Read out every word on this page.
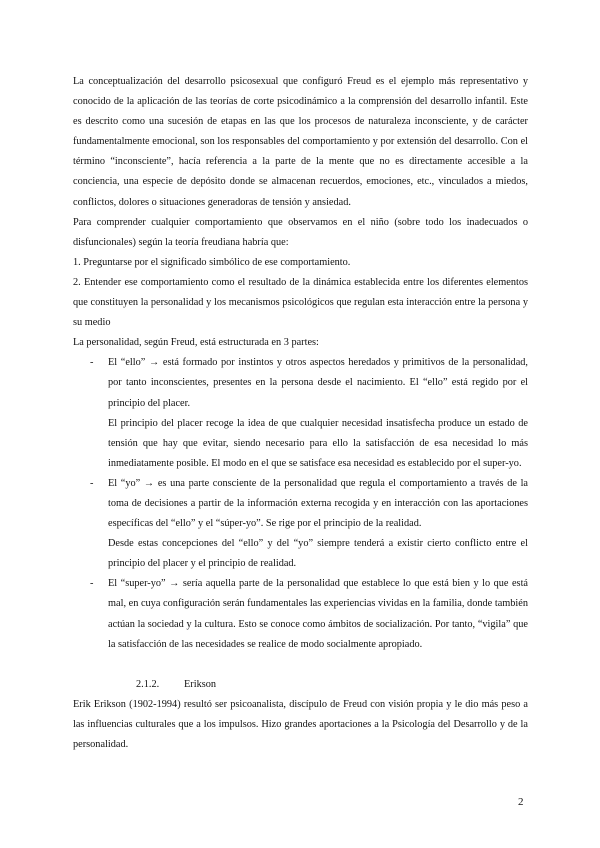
La conceptualización del desarrollo psicosexual que configuró Freud es el ejemplo más representativo y conocido de la aplicación de las teorías de corte psicodinámico a la comprensión del desarrollo infantil. Este es descrito como una sucesión de etapas en las que los procesos de naturaleza inconsciente, y de carácter fundamentalmente emocional, son los responsables del comportamiento y por extensión del desarrollo. Con el término “inconsciente”, hacía referencia a la parte de la mente que no es directamente accesible a la conciencia, una especie de depósito donde se almacenan recuerdos, emociones, etc., vinculados a miedos, conflictos, dolores o situaciones generadoras de tensión y ansiedad.

Para comprender cualquier comportamiento que observamos en el niño (sobre todo los inadecuados o disfuncionales) según la teoría freudiana habría que:

1. Preguntarse por el significado simbólico de ese comportamiento.

2. Entender ese comportamiento como el resultado de la dinámica establecida entre los diferentes elementos que constituyen la personalidad y los mecanismos psicológicos que regulan esta interacción entre la persona y su medio

La personalidad, según Freud, está estructurada en 3 partes:

- El “ello” → está formado por instintos y otros aspectos heredados y primitivos de la personalidad, por tanto inconscientes, presentes en la persona desde el nacimiento. El “ello” está regido por el principio del placer.

El principio del placer recoge la idea de que cualquier necesidad insatisfecha produce un estado de tensión que hay que evitar, siendo necesario para ello la satisfacción de esa necesidad lo más inmediatamente posible. El modo en el que se satisface esa necesidad es establecido por el super-yo.

- El “yo” → es una parte consciente de la personalidad que regula el comportamiento a través de la toma de decisiones a partir de la información externa recogida y en interacción con las aportaciones específicas del “ello” y el “súper-yo”. Se rige por el principio de la realidad.

Desde estas concepciones del “ello” y del “yo” siempre tenderá a existir cierto conflicto entre el principio del placer y el principio de realidad.

- El “super-yo” → sería aquella parte de la personalidad que establece lo que está bien y lo que está mal, en cuya configuración serán fundamentales las experiencias vividas en la familia, donde también actúan la sociedad y la cultura. Esto se conoce como ámbitos de socialización. Por tanto, “vigila” que la satisfacción de las necesidades se realice de modo socialmente apropiado.

2.1.2. Erikson

Erik Erikson (1902-1994) resultó ser psicoanalista, discípulo de Freud con visión propia y le dio más peso a las influencias culturales que a los impulsos. Hizo grandes aportaciones a la Psicología del Desarrollo y de la personalidad.

2
